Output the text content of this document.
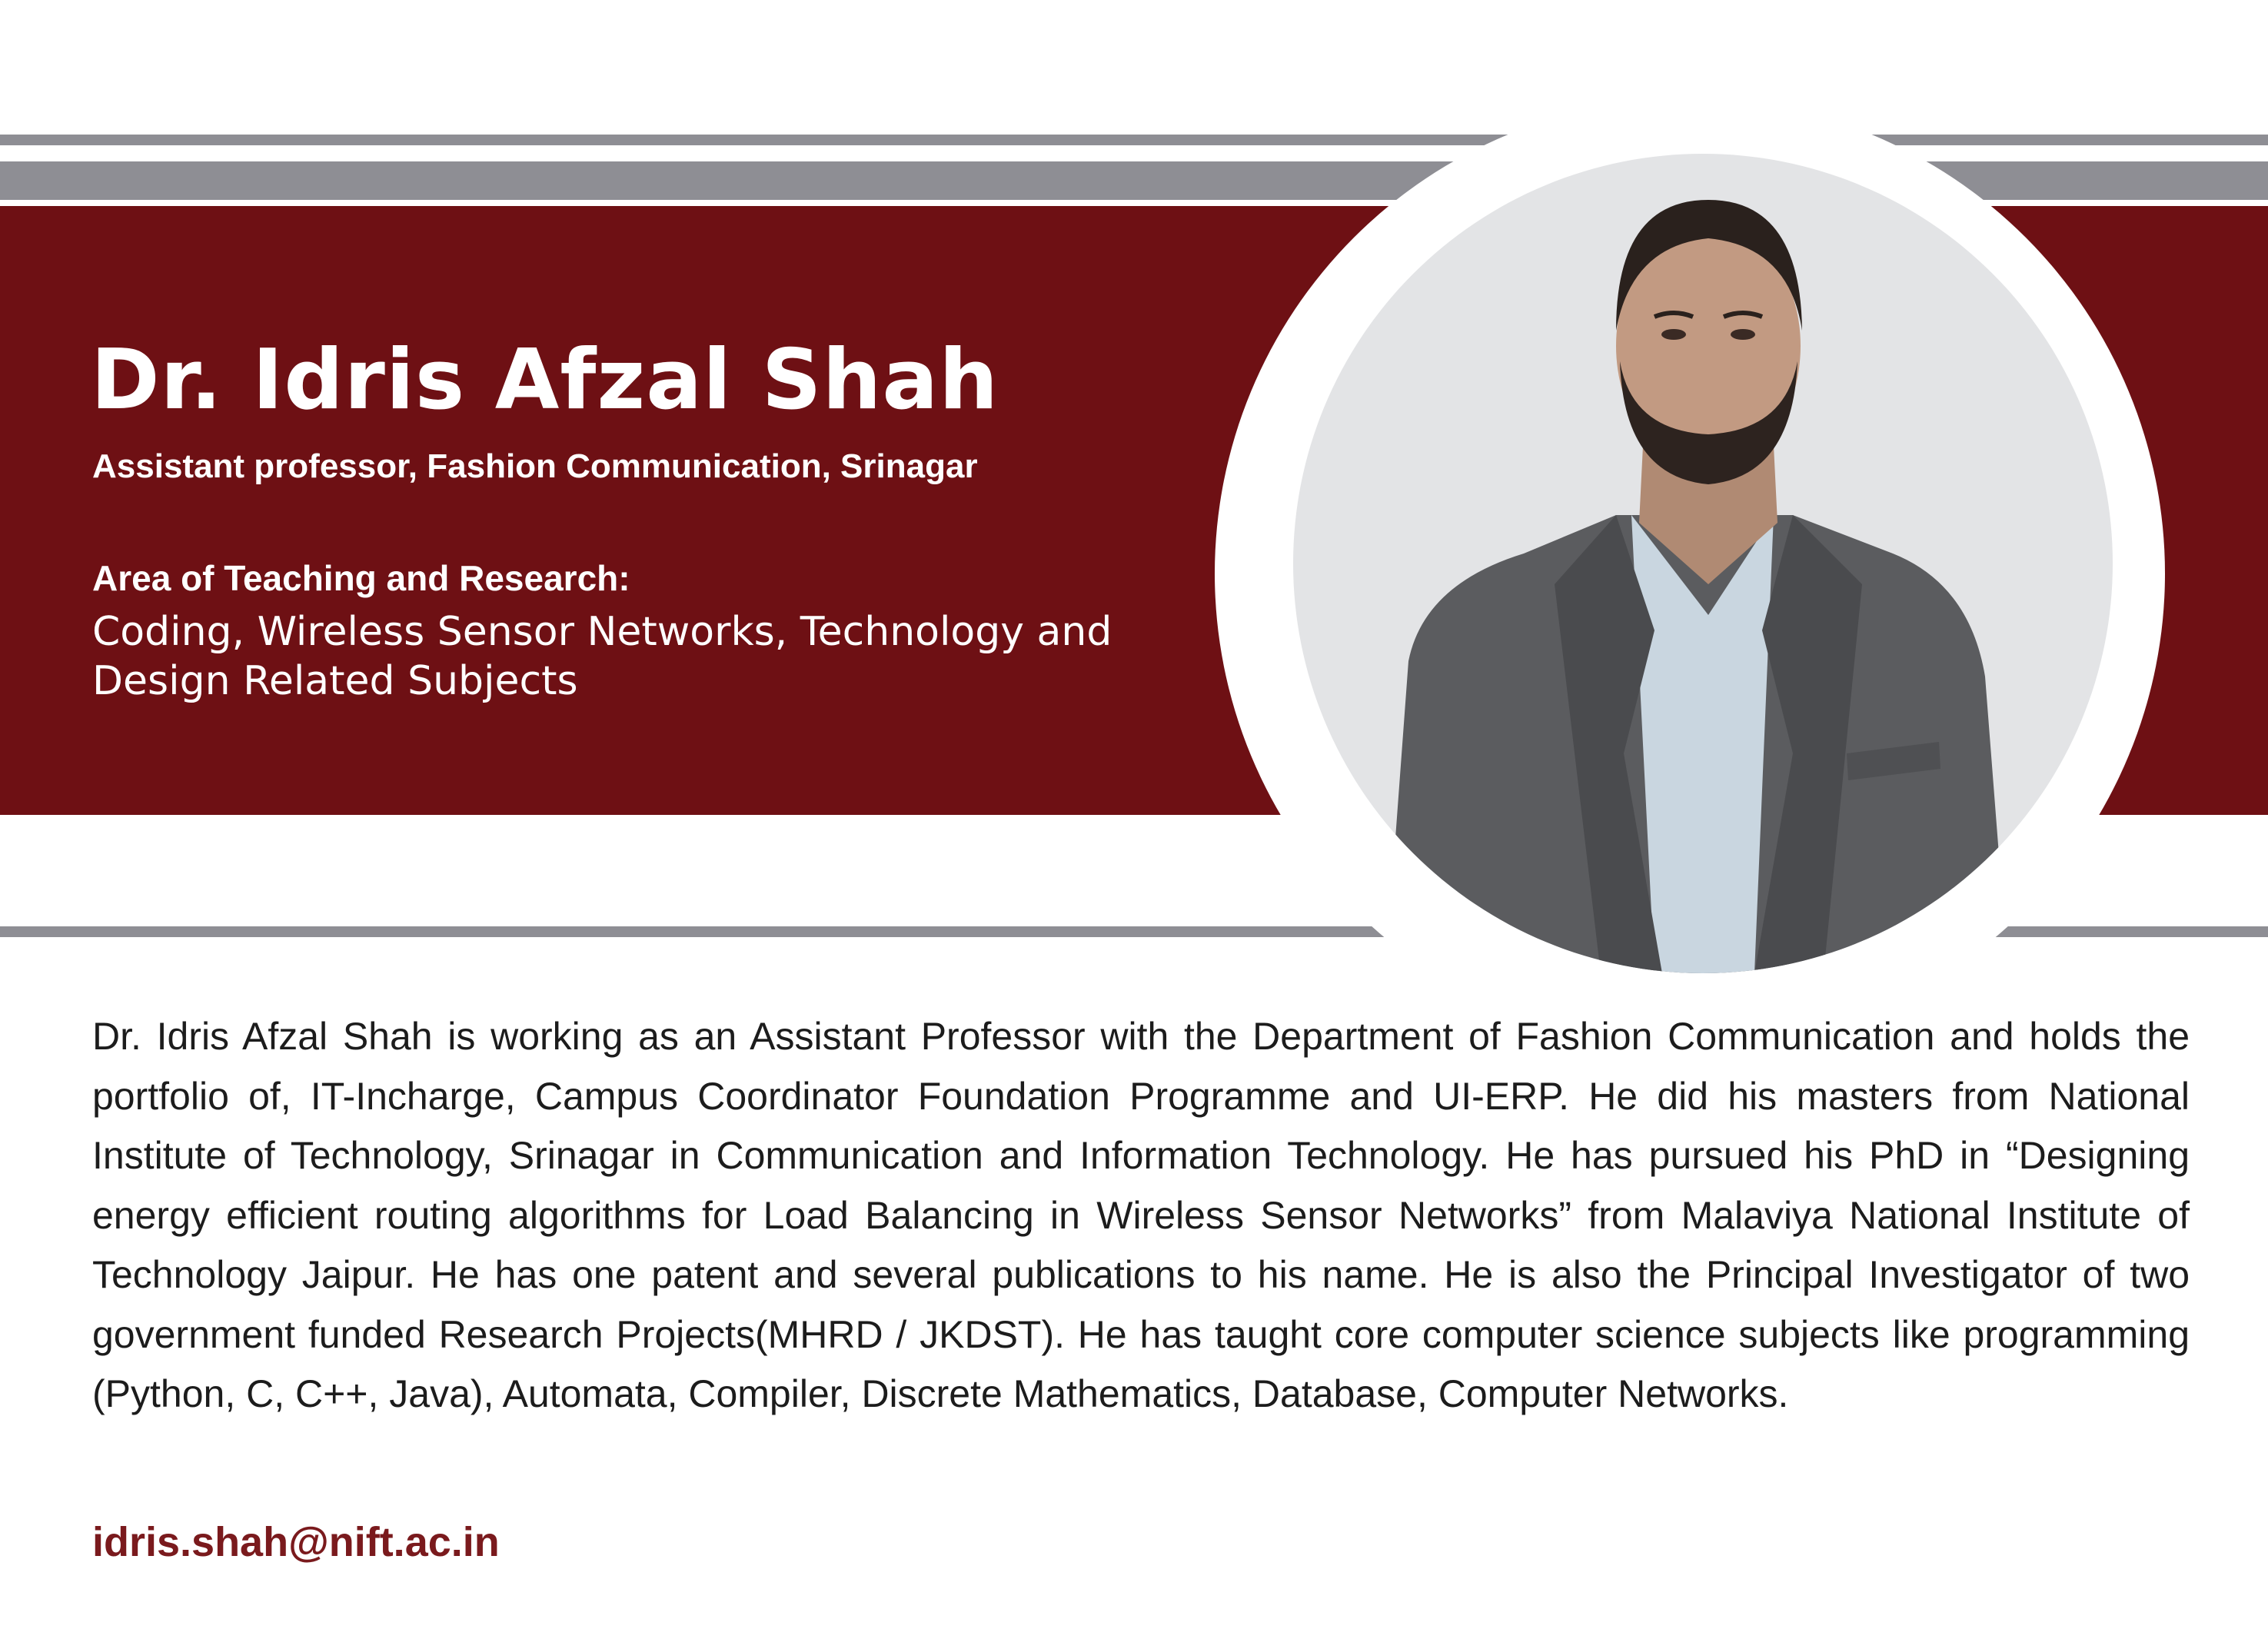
Dr. Idris Afzal Shah

Assistant professor, Fashion Communication, Srinagar

Area of Teaching and Research:

Coding, Wireless Sensor Networks, Technology and Design Related Subjects

Dr. Idris Afzal Shah is working as an Assistant Professor with the Department of Fashion Communication and holds the portfolio of, IT-Incharge, Campus Coordinator Foundation Programme and UI-ERP. He did his masters from National Institute of Technology, Srinagar in Communication and Information Technology. He has pursued his PhD in “Designing energy efficient routing algorithms for Load Balancing in Wireless Sensor Networks” from Malaviya National Institute of Technology Jaipur. He has one patent and several publications to his name. He is also the Principal Investigator of two government funded Research Projects(MHRD / JKDST). He has taught core computer science subjects like programming (Python, C, C++, Java), Automata, Compiler, Discrete Mathematics, Database, Computer Networks.

idris.shah@nift.ac.in
